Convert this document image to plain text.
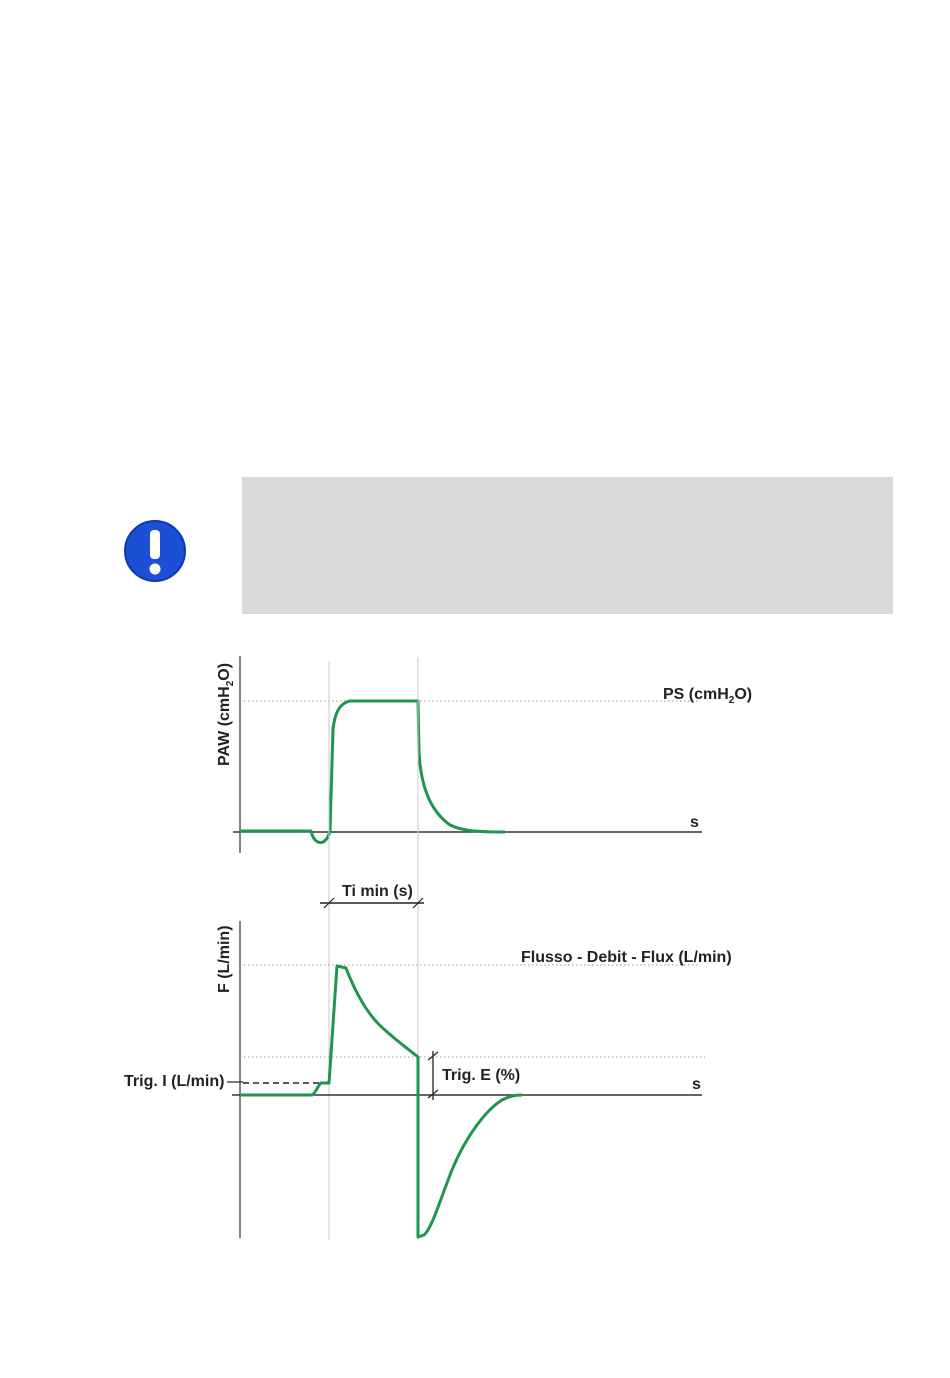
PAW (cmH$_2$O)
PS (cmH$_2$O)
s
Ti min (s)
F (L/min)	Flusso - Debit - Flux (L/min)
s
Trig. I (L/min)	Trig. E (%)
